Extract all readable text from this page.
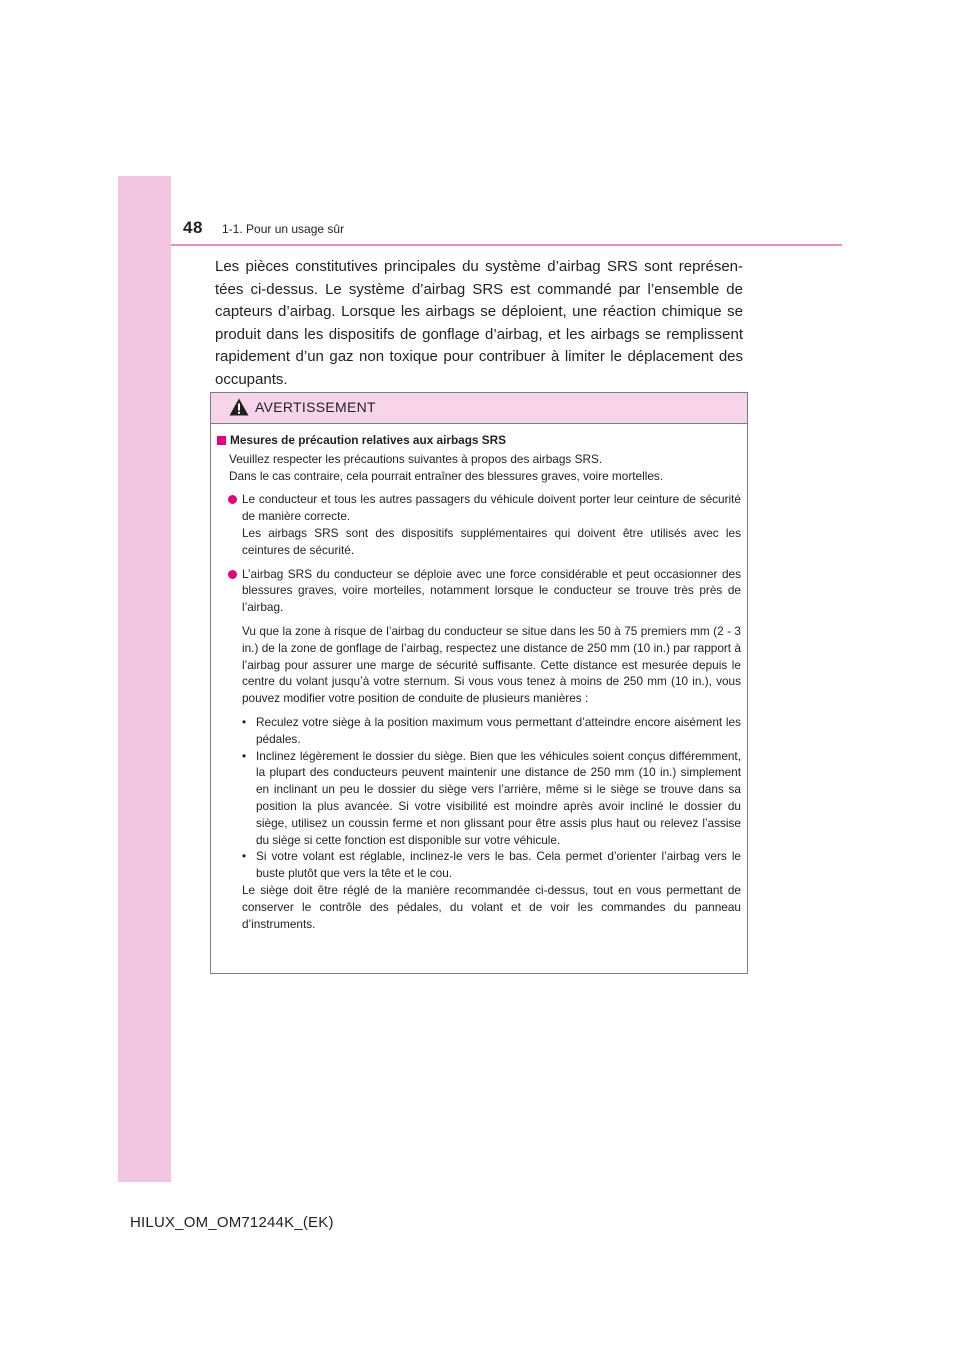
48 1-1. Pour un usage sûr

Les pièces constitutives principales du système d’airbag SRS sont représentées ci-dessus. Le système d’airbag SRS est commandé par l’ensemble de capteurs d’airbag. Lorsque les airbags se déploient, une réaction chimique se produit dans les dispositifs de gonflage d’airbag, et les airbags se remplissent rapidement d’un gaz non toxique pour contribuer à limiter le déplacement des occupants.

AVERTISSEMENT
Mesures de précaution relatives aux airbags SRS
Veuillez respecter les précautions suivantes à propos des airbags SRS.
Dans le cas contraire, cela pourrait entraîner des blessures graves, voire mortelles.
Le conducteur et tous les autres passagers du véhicule doivent porter leur ceinture de sécurité de manière correcte.
Les airbags SRS sont des dispositifs supplémentaires qui doivent être utilisés avec les ceintures de sécurité.
L’airbag SRS du conducteur se déploie avec une force considérable et peut occasionner des blessures graves, voire mortelles, notamment lorsque le conducteur se trouve très près de l’airbag.
Vu que la zone à risque de l’airbag du conducteur se situe dans les 50 à 75 premiers mm (2 - 3 in.) de la zone de gonflage de l’airbag, respectez une distance de 250 mm (10 in.) par rapport à l’airbag pour assurer une marge de sécurité suffisante. Cette distance est mesurée depuis le centre du volant jusqu’à votre sternum. Si vous vous tenez à moins de 250 mm (10 in.), vous pouvez modifier votre position de conduite de plusieurs manières :
• Reculez votre siège à la position maximum vous permettant d’atteindre encore aisément les pédales.
• Inclinez légèrement le dossier du siège. Bien que les véhicules soient conçus différemment, la plupart des conducteurs peuvent maintenir une distance de 250 mm (10 in.) simplement en inclinant un peu le dossier du siège vers l’arrière, même si le siège se trouve dans sa position la plus avancée. Si votre visibilité est moindre après avoir incliné le dossier du siège, utilisez un coussin ferme et non glissant pour être assis plus haut ou relevez l’assise du siège si cette fonction est disponible sur votre véhicule.
• Si votre volant est réglable, inclinez-le vers le bas. Cela permet d’orienter l’airbag vers le buste plutôt que vers la tête et le cou.
Le siège doit être réglé de la manière recommandée ci-dessus, tout en vous permettant de conserver le contrôle des pédales, du volant et de voir les commandes du panneau d’instruments.
HILUX_OM_OM71244K_(EK)
